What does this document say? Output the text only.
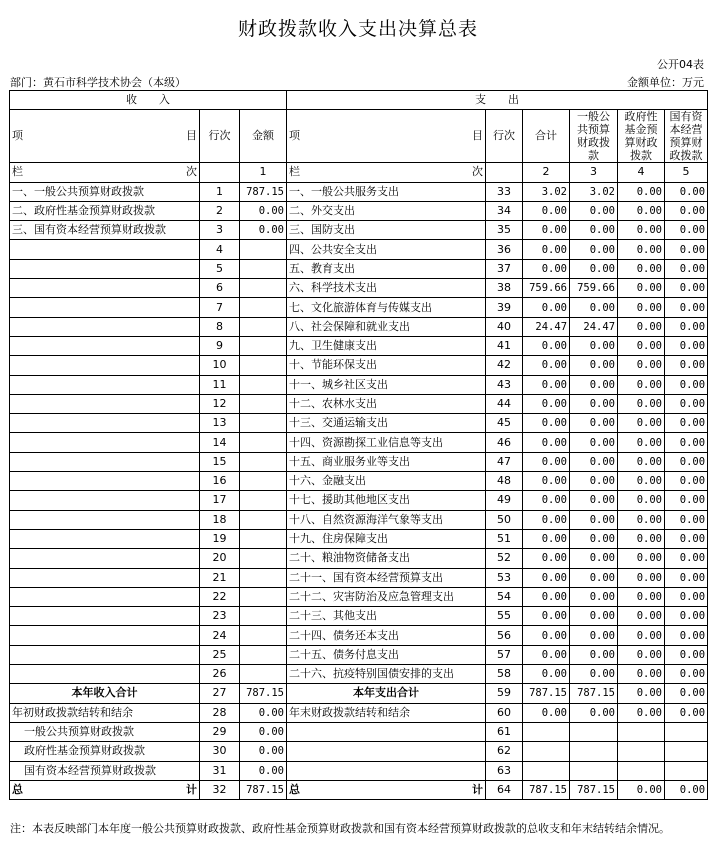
财政拨款收入支出决算总表
公开04表
部门：黄石市科学技术协会（本级）	金额单位：万元
收　　入			支　　出					

项 目	行次	金额	项 目	行次	合计	一般公共预算财政拨款	政府性基金预算财政拨款	国有资本经营预算财政拨款

栏 次		1	栏 次		2	3	4	5
一、一般公共预算财政拨款	1	787.15	一、一般公共服务支出	33	3.02	3.02	0.00	0.00
二、政府性基金预算财政拨款	2	0.00	二、外交支出	34	0.00	0.00	0.00	0.00
三、国有资本经营预算财政拨款	3	0.00	三、国防支出	35	0.00	0.00	0.00	0.00
	4		四、公共安全支出	36	0.00	0.00	0.00	0.00
	5		五、教育支出	37	0.00	0.00	0.00	0.00
	6		六、科学技术支出	38	759.66	759.66	0.00	0.00
	7		七、文化旅游体育与传媒支出	39	0.00	0.00	0.00	0.00
	8		八、社会保障和就业支出	40	24.47	24.47	0.00	0.00
	9		九、卫生健康支出	41	0.00	0.00	0.00	0.00
	10		十、节能环保支出	42	0.00	0.00	0.00	0.00
	11		十一、城乡社区支出	43	0.00	0.00	0.00	0.00
	12		十二、农林水支出	44	0.00	0.00	0.00	0.00
	13		十三、交通运输支出	45	0.00	0.00	0.00	0.00
	14		十四、资源勘探工业信息等支出	46	0.00	0.00	0.00	0.00
	15		十五、商业服务业等支出	47	0.00	0.00	0.00	0.00
	16		十六、金融支出	48	0.00	0.00	0.00	0.00
	17		十七、援助其他地区支出	49	0.00	0.00	0.00	0.00
	18		十八、自然资源海洋气象等支出	50	0.00	0.00	0.00	0.00
	19		十九、住房保障支出	51	0.00	0.00	0.00	0.00
	20		二十、粮油物资储备支出	52	0.00	0.00	0.00	0.00
	21		二十一、国有资本经营预算支出	53	0.00	0.00	0.00	0.00
	22		二十二、灾害防治及应急管理支出	54	0.00	0.00	0.00	0.00
	23		二十三、其他支出	55	0.00	0.00	0.00	0.00
	24		二十四、债务还本支出	56	0.00	0.00	0.00	0.00
	25		二十五、债务付息支出	57	0.00	0.00	0.00	0.00
	26		二十六、抗疫特别国债安排的支出	58	0.00	0.00	0.00	0.00
本年收入合计	27	787.15	本年支出合计	59	787.15	787.15	0.00	0.00
年初财政拨款结转和结余	28	0.00	年末财政拨款结转和结余	60	0.00	0.00	0.00	0.00
一般公共预算财政拨款	29	0.00		61				
政府性基金预算财政拨款	30	0.00		62				
国有资本经营预算财政拨款	31	0.00		63				

总 计	32	787.15	总 计	64	787.15	787.15	0.00	0.00
注：本表反映部门本年度一般公共预算财政拨款、政府性基金预算财政拨款和国有资本经营预算财政拨款的总收支和年末结转结余情况。
